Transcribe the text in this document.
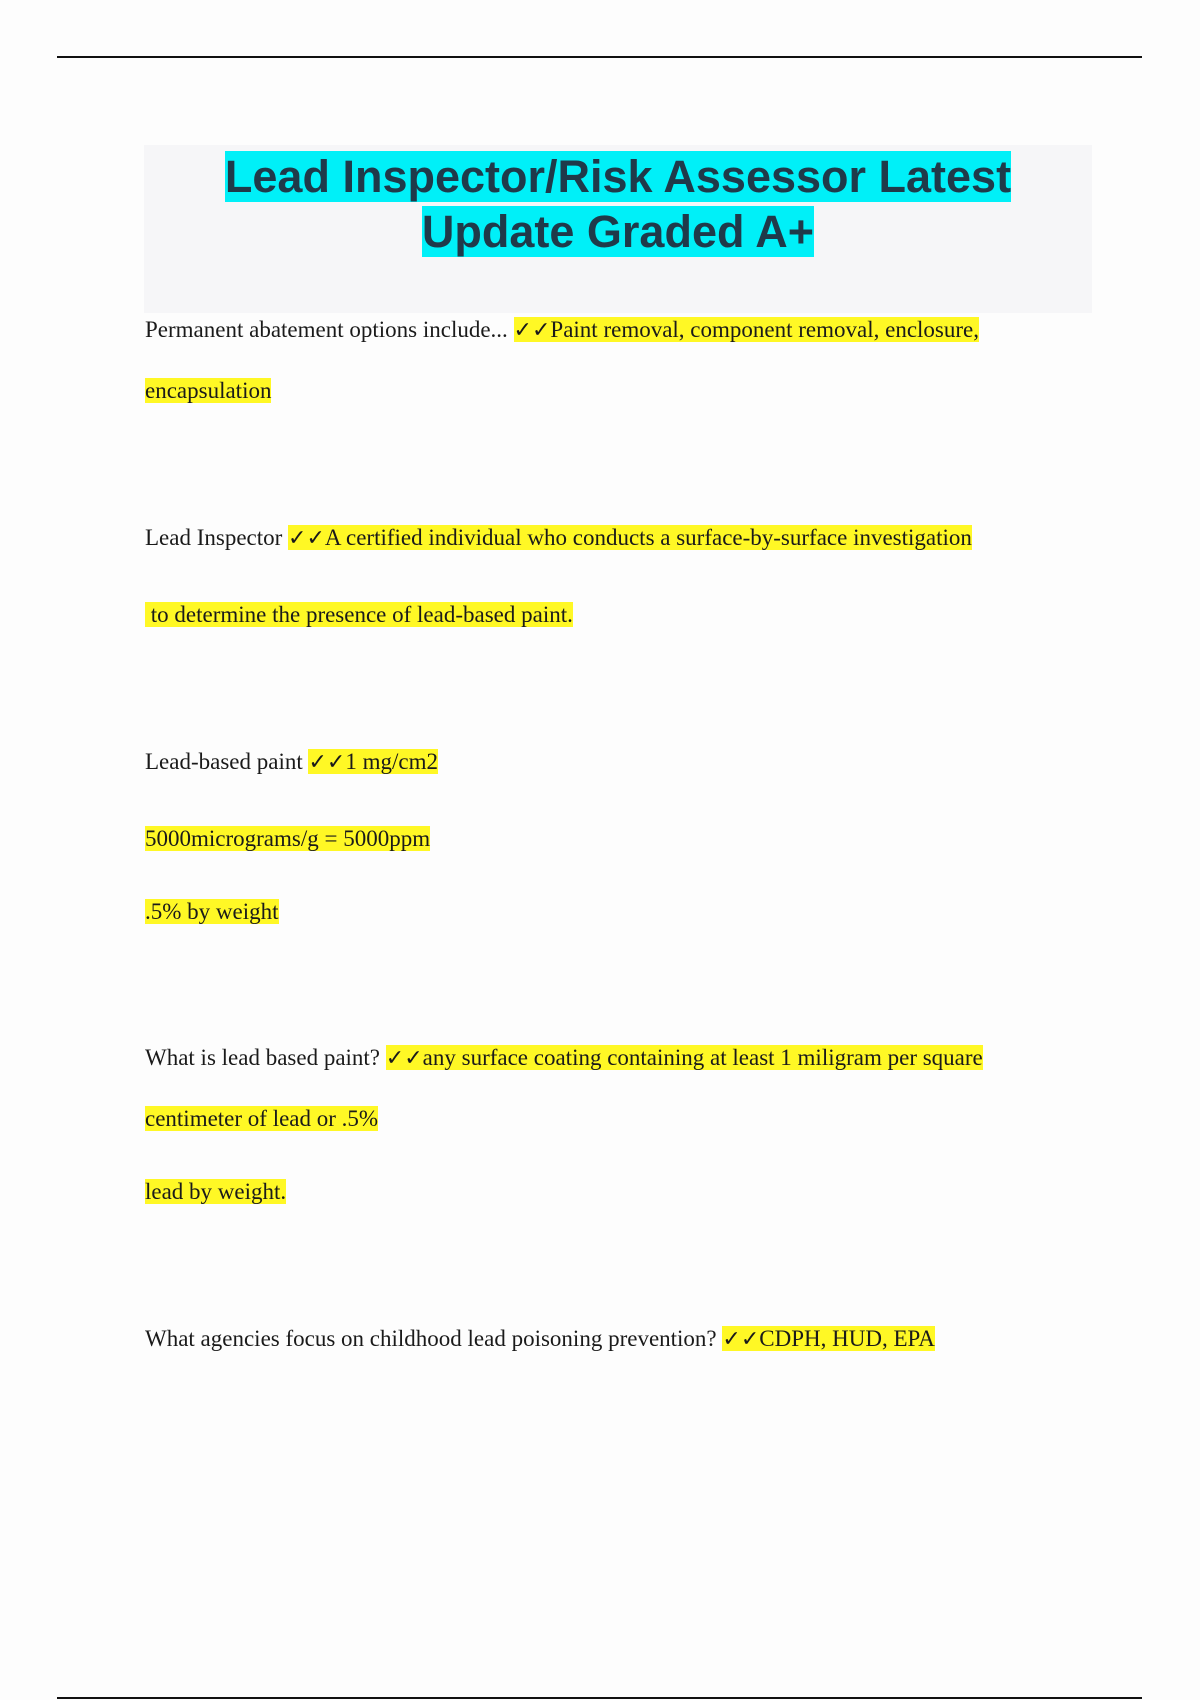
Lead Inspector/Risk Assessor Latest
Update Graded A+

Permanent abatement options include... ✓✓Paint removal, component removal, enclosure,

encapsulation

Lead Inspector ✓✓A certified individual who conducts a surface-by-surface investigation

to determine the presence of lead-based paint.

Lead-based paint ✓✓1 mg/cm2

5000micrograms/g = 5000ppm

.5% by weight

What is lead based paint? ✓✓any surface coating containing at least 1 miligram per square

centimeter of lead or .5%

lead by weight.

What agencies focus on childhood lead poisoning prevention? ✓✓CDPH, HUD, EPA
